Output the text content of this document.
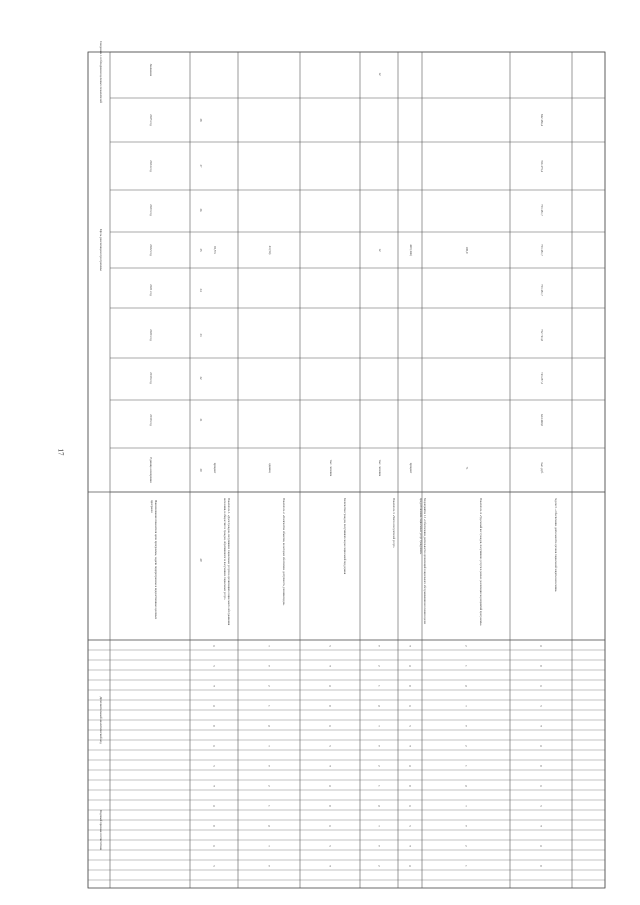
17
Сведения о соблюдении целевых показателей
Цель реализации программы
Дополнительный аналитический код
Кодовый признак соответствия
Значение
2018 год
2019 год
2020 год
2021 год
2022 год
2023 год
2024 год
2025 год
Единица измерения
Наименование показателя цели программы, задачи подпрограммы и ведомственных целевых
программ
29
30
31
32
33
34
35
36
37
38
Показатель 1. «Доля граждан, получивших социальные услуги в организациях социального обслуживания
населения, в общем числе граждан, обратившихся за получением социальных услуг»
процент
93,5%
0
2
4
6
8
0
2
4
6
8
0
2
Показатель 2. «Количество объектов, на которых обеспечена доступность для инвалидов»
единиц
43 (54)
1
3
5
7
9
1
3
5
7
9
1
3
Количество граждан, получивших меры социальной поддержки
тыс. человек
2
4
6
8
0
2
4
6
8
0
2
4
Показатель 3. «Число получателей услуг»
тыс. человек
12
12
3
5
7
9
1
3
5
7
9
1
3
5
Мероприятие 1.1 «Обеспечение деятельности организаций социального обслуживания населения в целях
предоставления социальных услуг гражданам»
процент
420 (446)
4
6
8
0
2
4
6
8
0
2
4
6
Показатель 4. «Удельный вес граждан, получивших услуги в рамках реализации мероприятий программы»
%
100,0
5
7
9
1
3
5
7
9
1
3
5
7
Задача 5. «Обеспечение деятельности органов социальной защиты населения»
тыс. руб.
624 460,0
743 257,3
752 721,8
753 451,7
753 451,7
753 451,7
766 475,4
842 456,4
6
8
0
2
4
6
8
0
2
4
6
8
